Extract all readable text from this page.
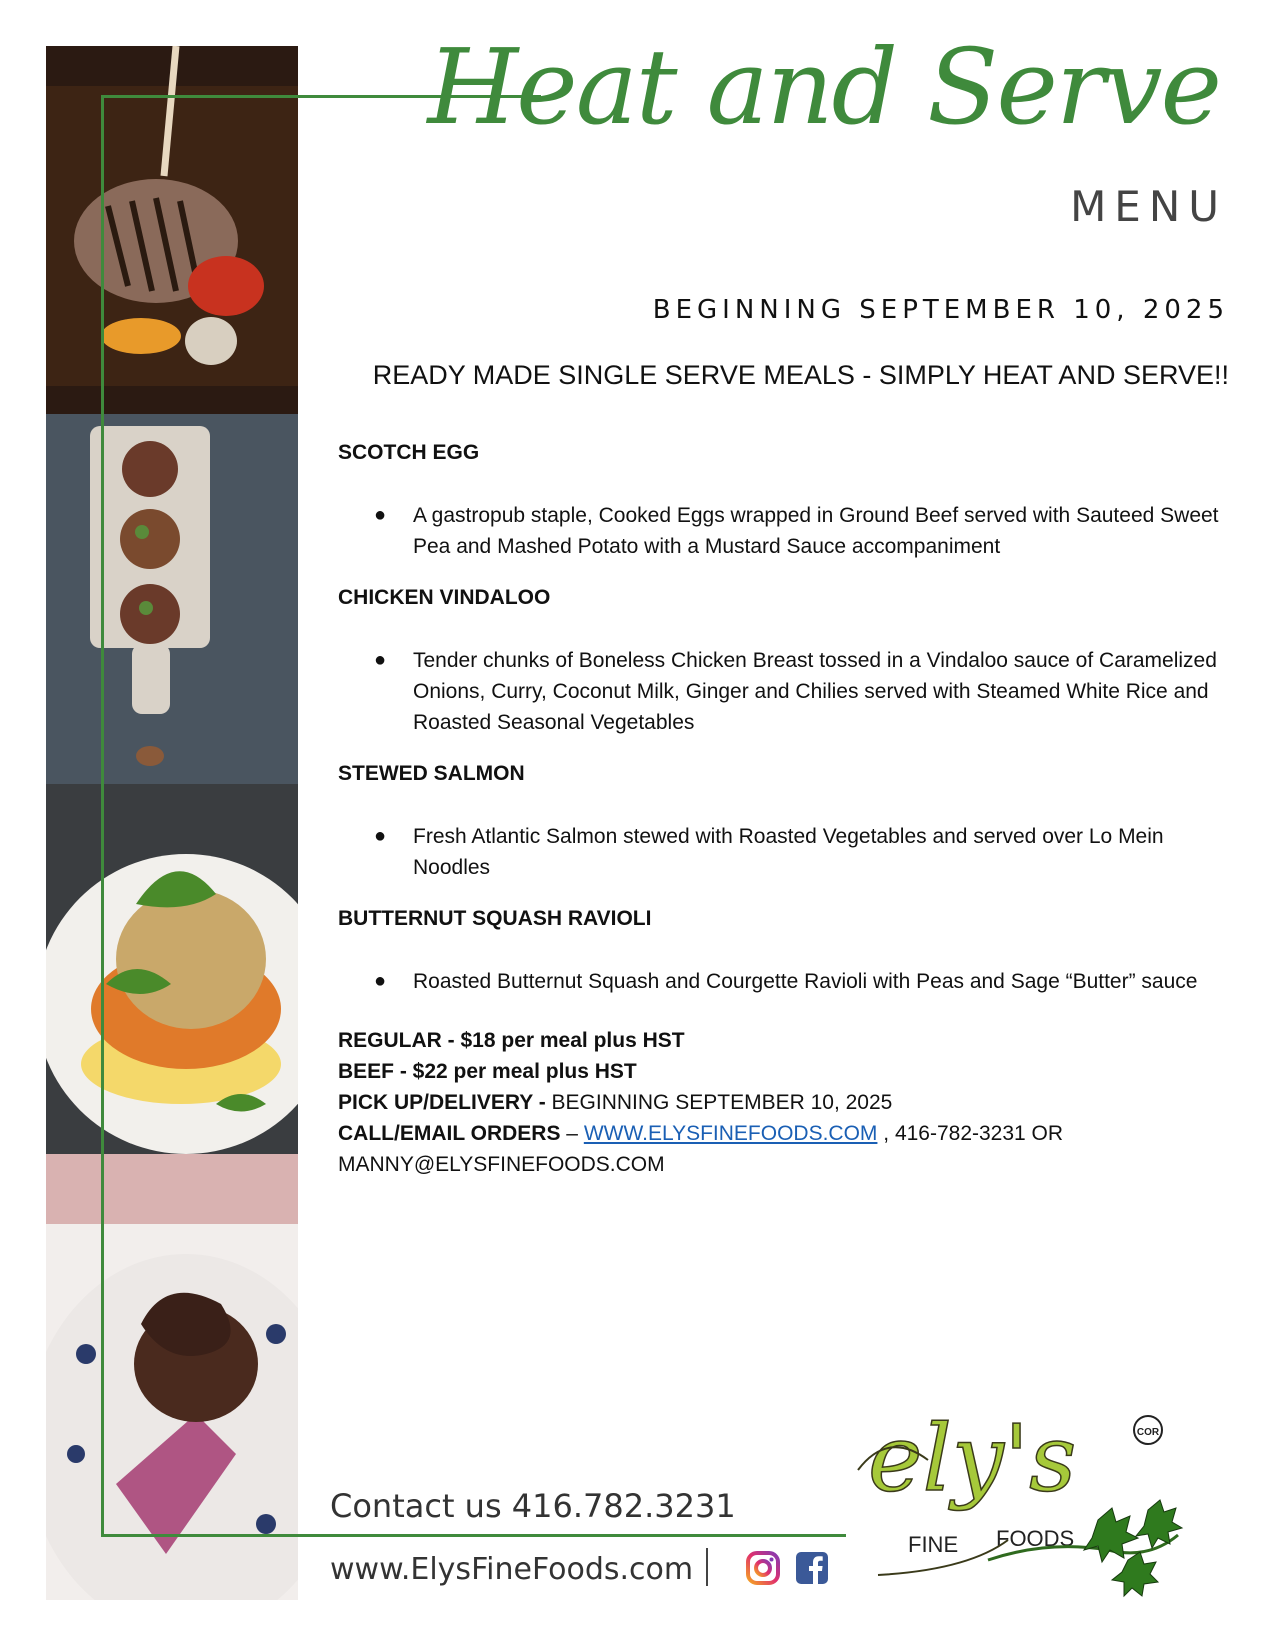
Heat and Serve
MENU
BEGINNING SEPTEMBER 10, 2025
READY MADE SINGLE SERVE MEALS - SIMPLY HEAT AND SERVE!!
SCOTCH EGG
●	A gastropub staple, Cooked Eggs wrapped in Ground Beef served with Sauteed Sweet Pea and Mashed Potato with a Mustard Sauce accompaniment
CHICKEN VINDALOO
●	Tender chunks of Boneless Chicken Breast tossed in a Vindaloo sauce of Caramelized Onions, Curry, Coconut Milk, Ginger and Chilies served with Steamed White Rice and Roasted Seasonal Vegetables
STEWED SALMON
●	Fresh Atlantic Salmon stewed with Roasted Vegetables and served over Lo Mein Noodles
BUTTERNUT SQUASH RAVIOLI
●	Roasted Butternut Squash and Courgette Ravioli with Peas and Sage “Butter” sauce

REGULAR - $18 per meal plus HST

BEEF - $22 per meal plus HST

PICK UP/DELIVERY - BEGINNING SEPTEMBER 10, 2025

CALL/EMAIL ORDERS – WWW.ELYSFINEFOODS.COM , 416-782-3231 OR MANNY@ELYSFINEFOODS.COM

Contact us 416.782.3231
www.ElysFineFoods.com
ely's
FINE FOODS
COR
